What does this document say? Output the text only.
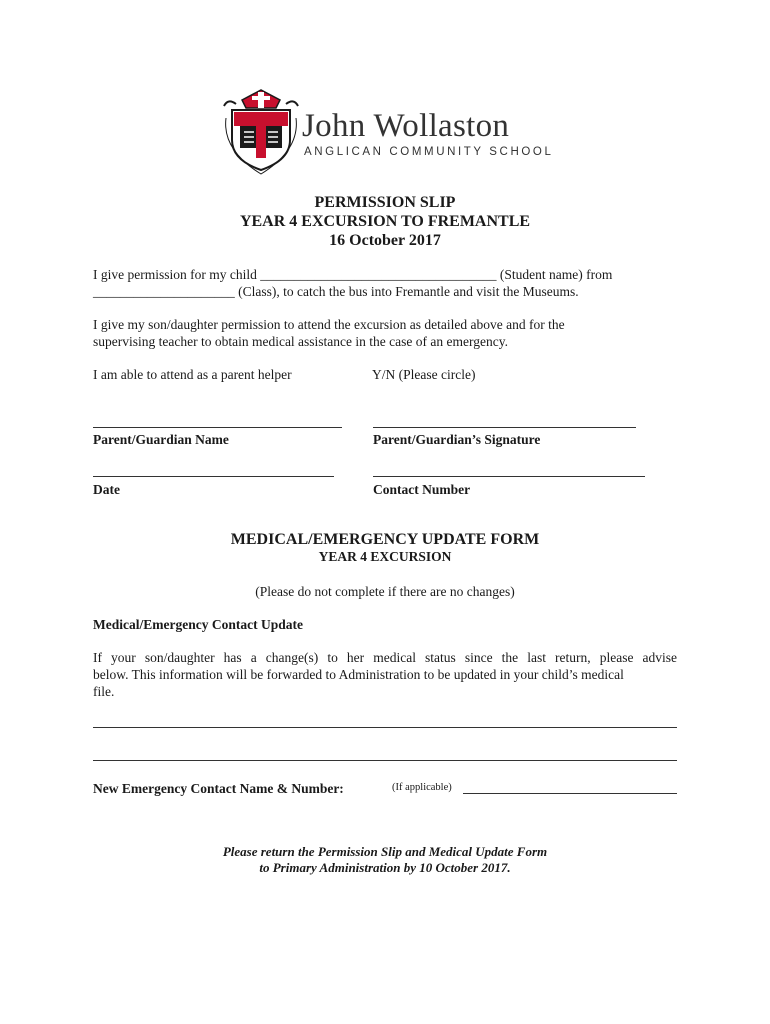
John Wollaston
ANGLICAN COMMUNITY SCHOOL
PERMISSION SLIP
YEAR 4 EXCURSION TO FREMANTLE
16 October 2017
I give permission for my child ___________________________________ (Student name) from
_____________________ (Class), to catch the bus into Fremantle and visit the Museums.
I give my son/daughter permission to attend the excursion as detailed above and for the
supervising teacher to obtain medical assistance in the case of an emergency.
I am able to attend as a parent helper	Y/N (Please circle)
Parent/Guardian Name	Parent/Guardian’s Signature
Date	Contact Number
MEDICAL/EMERGENCY UPDATE FORM
YEAR 4 EXCURSION
(Please do not complete if there are no changes)
Medical/Emergency Contact Update
If your son/daughter has a change(s) to her medical status since the last return, please advise
below. This information will be forwarded to Administration to be updated in your child’s medical
file.
New Emergency Contact Name & Number:	(If applicable)
Please return the Permission Slip and Medical Update Form
to Primary Administration by 10 October 2017.
